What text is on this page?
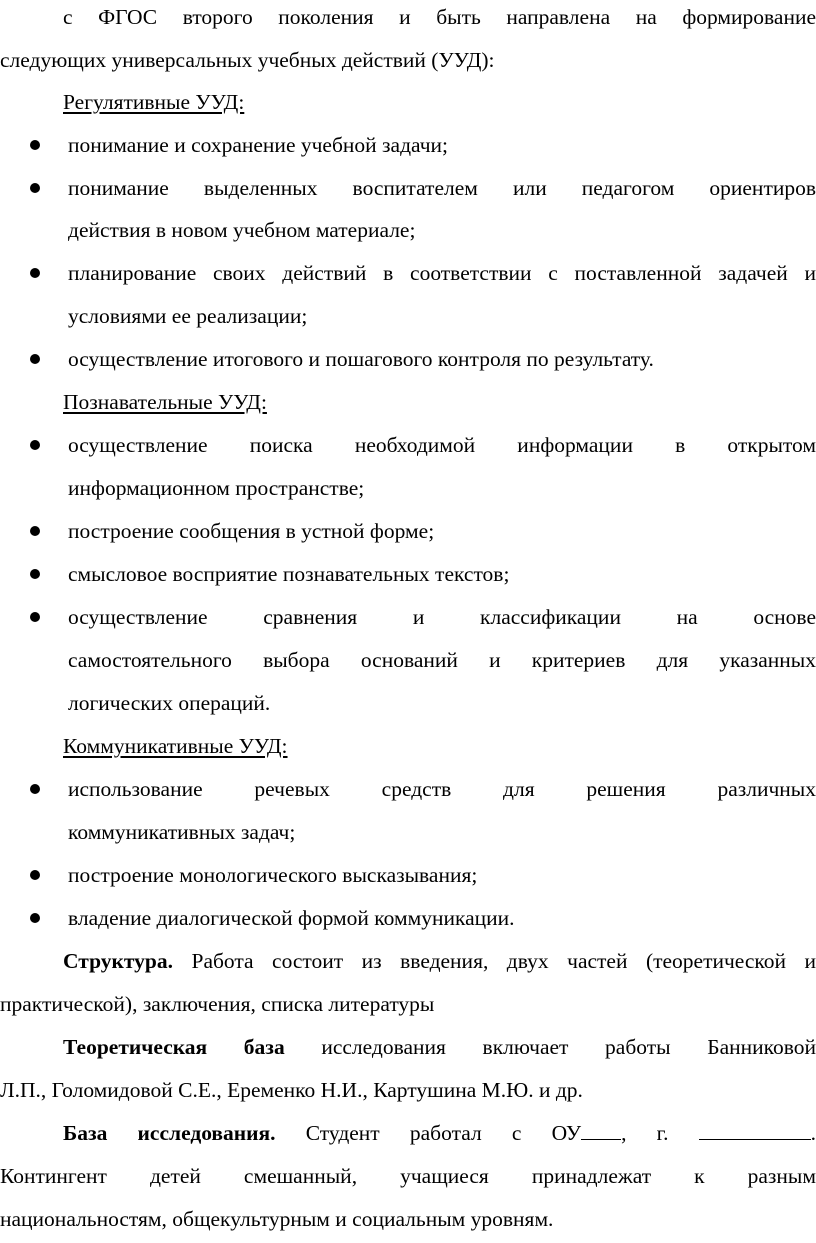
с ФГОС второго поколения и быть направлена на формирование
следующих универсальных учебных действий (УУД):
Регулятивные УУД:
понимание и сохранение учебной задачи;
понимание выделенных воспитателем или педагогом ориентиров
действия в новом учебном материале;
планирование своих действий в соответствии с поставленной задачей и
условиями ее реализации;
осуществление итогового и пошагового контроля по результату.
Познавательные УУД:
осуществление поиска необходимой информации в открытом
информационном пространстве;
построение сообщения в устной форме;
смысловое восприятие познавательных текстов;
осуществление сравнения и классификации на основе
самостоятельного выбора оснований и критериев для указанных
логических операций.
Коммуникативные УУД:
использование речевых средств для решения различных
коммуникативных задач;
построение монологического высказывания;
владение диалогической формой коммуникации.
Структура. Работа состоит из введения, двух частей (теоретической и
практической), заключения, списка литературы
Теоретическая база исследования включает работы Банниковой
Л.П., Голомидовой С.Е., Еременко Н.И., Картушина М.Ю. и др.
База исследования. Студент работал с ОУ , г.	.
Контингент детей смешанный, учащиеся принадлежат к разным
национальностям, общекультурным и социальным уровням.
